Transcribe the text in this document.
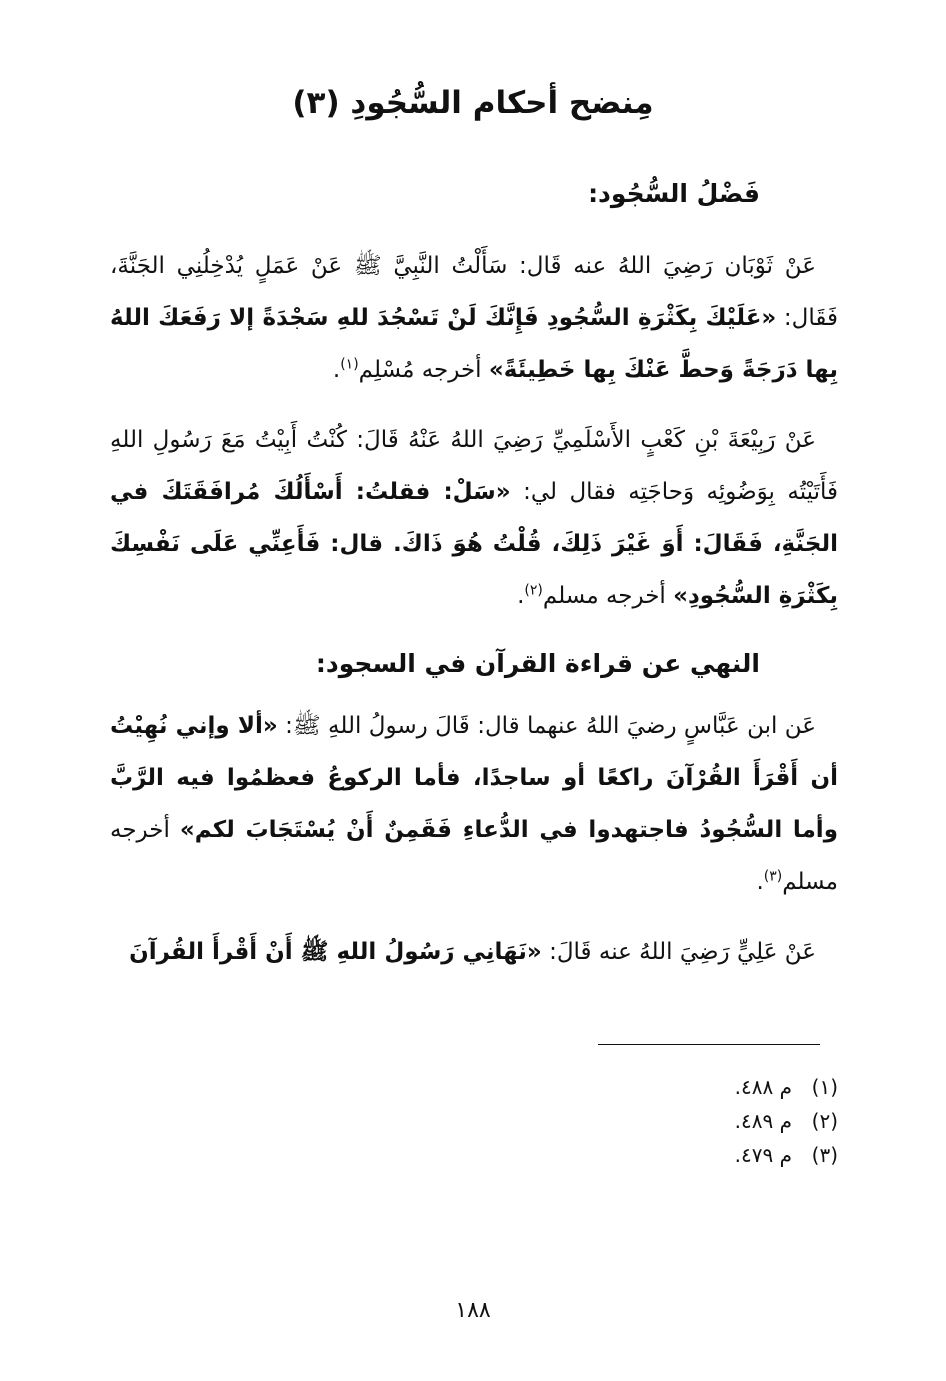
مِنضح أحكام السُّجُودِ (٣)
فَضْلُ السُّجُود:

عَنْ ثَوْبَان رَضِيَ اللهُ عنه قَال: سَأَلْتُ النَّبِيَّ ﷺ عَنْ عَمَلٍ يُدْخِلُنِي الجَنَّةَ، فَقَال: «عَلَيْكَ بِكَثْرَةِ السُّجُودِ فَإِنَّكَ لَنْ تَسْجُدَ للهِ سَجْدَةً إلا رَفَعَكَ اللهُ بِها دَرَجَةً وَحطَّ عَنْكَ بِها خَطِيئَةً» أخرجه مُسْلِم$^{(١)}$.

عَنْ رَبِيْعَةَ بْنِ كَعْبٍ الأَسْلَمِيِّ رَضِيَ اللهُ عَنْهُ قَالَ: كُنْتُ أَبِيْتُ مَعَ رَسُولِ اللهِ فَأَتَيْتُه بِوَضُوئِه وَحاجَتِه فقال لي: «سَلْ: فقلتُ: أَسْأَلُكَ مُرافَقَتَكَ في الجَنَّةِ، فَقَالَ: أَوَ غَيْرَ ذَلِكَ، قُلْتُ هُوَ ذَاكَ. قال: فَأَعِنِّي عَلَى نَفْسِكَ بِكَثْرَةِ السُّجُودِ» أخرجه مسلم$^{(٢)}$.

النهي عن قراءة القرآن في السجود:

عَن ابن عَبَّاسٍ رضيَ اللهُ عنهما قال: قَالَ رسولُ اللهِ ﷺ: «ألا وإني نُهِيْتُ أن أَقْرَأَ القُرْآنَ راكعًا أو ساجدًا، فأما الركوعُ فعظمُوا فيه الرَّبَّ وأما السُّجُودُ فاجتهدوا في الدُّعاءِ فَقَمِنٌ أَنْ يُسْتَجَابَ لكم» أخرجه مسلم$^{(٣)}$.

عَنْ عَلِيٍّ رَضِيَ اللهُ عنه قَالَ: «نَهَانِي رَسُولُ اللهِ ﷺ أَنْ أَقْرأَ القُرآنَ

(١)م ٤٨٨.
(٢)م ٤٨٩.
(٣)م ٤٧٩.
١٨٨
